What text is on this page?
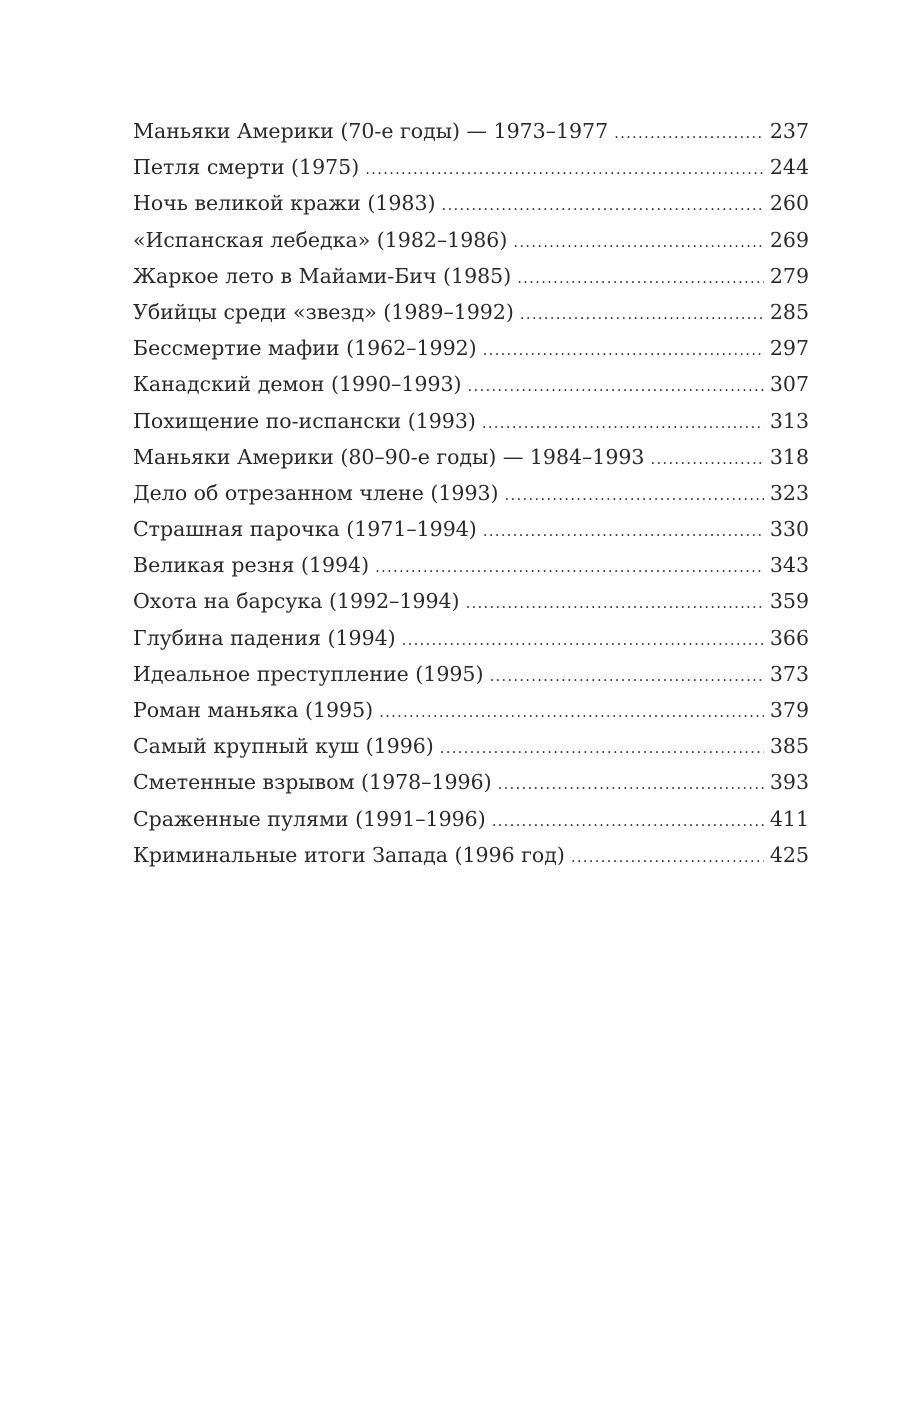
Маньяки Америки (70-е годы) — 1973–1977 .....	237
Петля смерти (1975) .....	244
Ночь великой кражи (1983) .....	260
«Испанская лебедка» (1982–1986) .....	269
Жаркое лето в Майами-Бич (1985) .....	279
Убийцы среди «звезд» (1989–1992) .....	285
Бессмертие мафии (1962–1992) .....	297
Канадский демон (1990–1993) .....	307
Похищение по-испански (1993) .....	313
Маньяки Америки (80–90-е годы) — 1984–1993 .....	318
Дело об отрезанном члене (1993) .....	323
Страшная парочка (1971–1994) .....	330
Великая резня (1994) .....	343
Охота на барсука (1992–1994) .....	359
Глубина падения (1994) .....	366
Идеальное преступление (1995) .....	373
Роман маньяка (1995) .....	379
Самый крупный куш (1996) .....	385
Сметенные взрывом (1978–1996) .....	393
Сраженные пулями (1991–1996) .....	411
Криминальные итоги Запада (1996 год) .....	425
